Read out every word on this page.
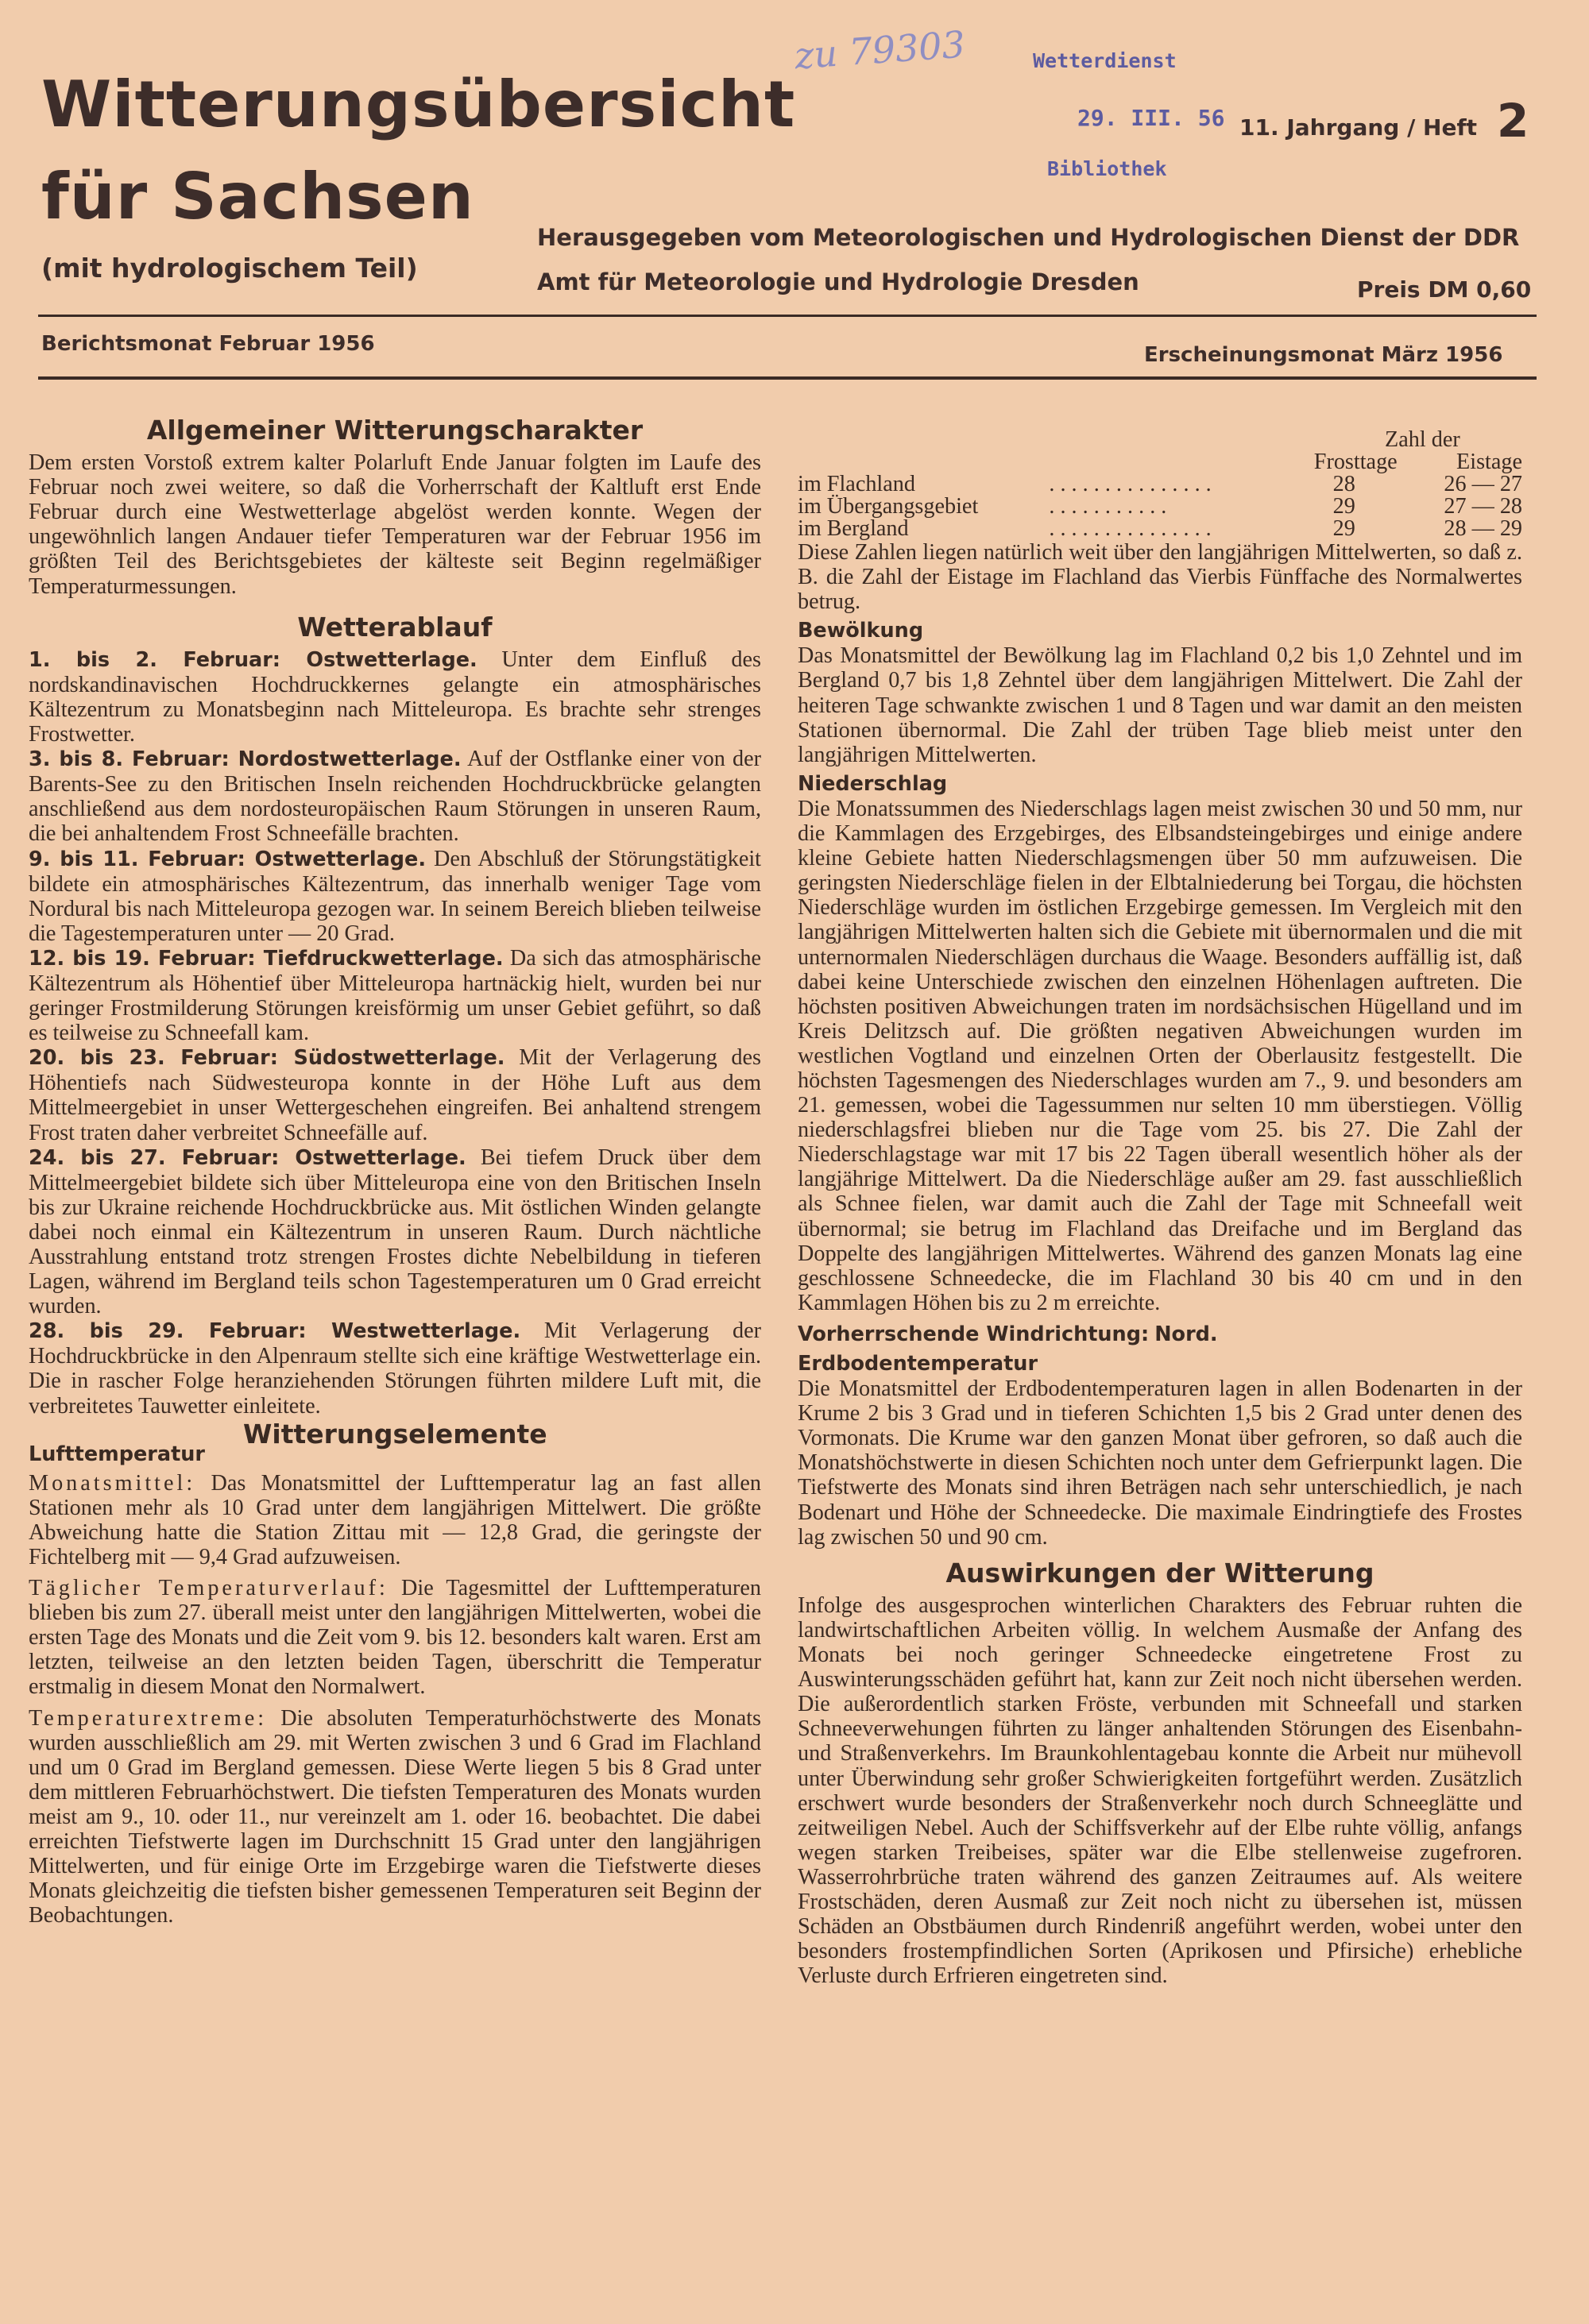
Witterungsübersicht
für Sachsen
(mit hydrologischem Teil)
zu 79303	Wetterdienst
29. III. 56
Bibliothek
11. Jahrgang / Heft 2
Herausgegeben vom Meteorologischen und Hydrologischen Dienst der DDR
Amt für Meteorologie und Hydrologie Dresden	Preis DM 0,60
Berichtsmonat Februar 1956	Erscheinungsmonat März 1956
Allgemeiner Witterungscharakter

Dem ersten Vorstoß extrem kalter Polarluft Ende Januar folgten im Laufe des Februar noch zwei weitere, so daß die Vorherrschaft der Kaltluft erst Ende Februar durch eine Westwetterlage abgelöst werden konnte. Wegen der ungewöhnlich langen Andauer tiefer Temperaturen war der Februar 1956 im größten Teil des Berichtsgebietes der kälteste seit Beginn regelmäßiger Temperaturmessungen.

Wetterablauf

1. bis 2. Februar: Ostwetterlage. Unter dem Einfluß des nordskandinavischen Hochdruckkernes gelangte ein atmosphärisches Kältezentrum zu Monatsbeginn nach Mitteleuropa. Es brachte sehr strenges Frostwetter.

3. bis 8. Februar: Nordostwetterlage. Auf der Ostflanke einer von der Barents-See zu den Britischen Inseln reichenden Hochdruckbrücke gelangten anschließend aus dem nordosteuropäischen Raum Störungen in unseren Raum, die bei anhaltendem Frost Schneefälle brachten.

9. bis 11. Februar: Ostwetterlage. Den Abschluß der Störungstätigkeit bildete ein atmosphärisches Kältezentrum, das innerhalb weniger Tage vom Nordural bis nach Mitteleuropa gezogen war. In seinem Bereich blieben teilweise die Tagestemperaturen unter — 20 Grad.

12. bis 19. Februar: Tiefdruckwetterlage. Da sich das atmosphärische Kältezentrum als Höhentief über Mitteleuropa hartnäckig hielt, wurden bei nur geringer Frostmilderung Störungen kreisförmig um unser Gebiet geführt, so daß es teilweise zu Schneefall kam.

20. bis 23. Februar: Südostwetterlage. Mit der Verlagerung des Höhentiefs nach Südwesteuropa konnte in der Höhe Luft aus dem Mittelmeergebiet in unser Wettergeschehen eingreifen. Bei anhaltend strengem Frost traten daher verbreitet Schneefälle auf.

24. bis 27. Februar: Ostwetterlage. Bei tiefem Druck über dem Mittelmeergebiet bildete sich über Mitteleuropa eine von den Britischen Inseln bis zur Ukraine reichende Hochdruckbrücke aus. Mit östlichen Winden gelangte dabei noch einmal ein Kältezentrum in unseren Raum. Durch nächtliche Ausstrahlung entstand trotz strengen Frostes dichte Nebelbildung in tieferen Lagen, während im Bergland teils schon Tagestemperaturen um 0 Grad erreicht wurden.

28. bis 29. Februar: Westwetterlage. Mit Verlagerung der Hochdruckbrücke in den Alpenraum stellte sich eine kräftige Westwetterlage ein. Die in rascher Folge heranziehenden Störungen führten mildere Luft mit, die verbreitetes Tauwetter einleitete.

Lufttemperatur
Witterungselemente

Monatsmittel: Das Monatsmittel der Lufttemperatur lag an fast allen Stationen mehr als 10 Grad unter dem langjährigen Mittelwert. Die größte Abweichung hatte die Station Zittau mit — 12,8 Grad, die geringste der Fichtelberg mit — 9,4 Grad aufzuweisen.

Täglicher Temperaturverlauf: Die Tagesmittel der Lufttemperaturen blieben bis zum 27. überall meist unter den langjährigen Mittelwerten, wobei die ersten Tage des Monats und die Zeit vom 9. bis 12. besonders kalt waren. Erst am letzten, teilweise an den letzten beiden Tagen, überschritt die Temperatur erstmalig in diesem Monat den Normalwert.

Temperaturextreme: Die absoluten Temperaturhöchstwerte des Monats wurden ausschließlich am 29. mit Werten zwischen 3 und 6 Grad im Flachland und um 0 Grad im Bergland gemessen. Diese Werte liegen 5 bis 8 Grad unter dem mittleren Februarhöchstwert. Die tiefsten Temperaturen des Monats wurden meist am 9., 10. oder 11., nur vereinzelt am 1. oder 16. beobachtet. Die dabei erreichten Tiefstwerte lagen im Durchschnitt 15 Grad unter den langjährigen Mittelwerten, und für einige Orte im Erzgebirge waren die Tiefstwerte dieses Monats gleichzeitig die tiefsten bisher gemessenen Temperaturen seit Beginn der Beobachtungen.

		Zahl der	
		Frosttage	Eistage
im Flachland	. . . . . . . . . . . . . . .	28	26 — 27
im Übergangsgebiet	. . . . . . . . . . .	29	27 — 28
im Bergland	. . . . . . . . . . . . . . .	29	28 — 29

Diese Zahlen liegen natürlich weit über den langjährigen Mittelwerten, so daß z. B. die Zahl der Eistage im Flachland das Vierbis Fünffache des Normalwertes betrug.

Bewölkung

Das Monatsmittel der Bewölkung lag im Flachland 0,2 bis 1,0 Zehntel und im Bergland 0,7 bis 1,8 Zehntel über dem langjährigen Mittelwert. Die Zahl der heiteren Tage schwankte zwischen 1 und 8 Tagen und war damit an den meisten Stationen übernormal. Die Zahl der trüben Tage blieb meist unter den langjährigen Mittelwerten.

Niederschlag

Die Monatssummen des Niederschlags lagen meist zwischen 30 und 50 mm, nur die Kammlagen des Erzgebirges, des Elbsandsteingebirges und einige andere kleine Gebiete hatten Niederschlagsmengen über 50 mm aufzuweisen. Die geringsten Niederschläge fielen in der Elbtalniederung bei Torgau, die höchsten Niederschläge wurden im östlichen Erzgebirge gemessen. Im Vergleich mit den langjährigen Mittelwerten halten sich die Gebiete mit übernormalen und die mit unternormalen Niederschlägen durchaus die Waage. Besonders auffällig ist, daß dabei keine Unterschiede zwischen den einzelnen Höhenlagen auftreten. Die höchsten positiven Abweichungen traten im nordsächsischen Hügelland und im Kreis Delitzsch auf. Die größten negativen Abweichungen wurden im westlichen Vogtland und einzelnen Orten der Oberlausitz festgestellt. Die höchsten Tagesmengen des Niederschlages wurden am 7., 9. und besonders am 21. gemessen, wobei die Tagessummen nur selten 10 mm überstiegen. Völlig niederschlagsfrei blieben nur die Tage vom 25. bis 27. Die Zahl der Niederschlagstage war mit 17 bis 22 Tagen überall wesentlich höher als der langjährige Mittelwert. Da die Niederschläge außer am 29. fast ausschließlich als Schnee fielen, war damit auch die Zahl der Tage mit Schneefall weit übernormal; sie betrug im Flachland das Dreifache und im Bergland das Doppelte des langjährigen Mittelwertes. Während des ganzen Monats lag eine geschlossene Schneedecke, die im Flachland 30 bis 40 cm und in den Kammlagen Höhen bis zu 2 m erreichte.

Vorherrschende Windrichtung: Nord.

Erdbodentemperatur

Die Monatsmittel der Erdbodentemperaturen lagen in allen Bodenarten in der Krume 2 bis 3 Grad und in tieferen Schichten 1,5 bis 2 Grad unter denen des Vormonats. Die Krume war den ganzen Monat über gefroren, so daß auch die Monatshöchstwerte in diesen Schichten noch unter dem Gefrierpunkt lagen. Die Tiefstwerte des Monats sind ihren Beträgen nach sehr unterschiedlich, je nach Bodenart und Höhe der Schneedecke. Die maximale Eindringtiefe des Frostes lag zwischen 50 und 90 cm.

Auswirkungen der Witterung

Infolge des ausgesprochen winterlichen Charakters des Februar ruhten die landwirtschaftlichen Arbeiten völlig. In welchem Ausmaße der Anfang des Monats bei noch geringer Schneedecke eingetretene Frost zu Auswinterungsschäden geführt hat, kann zur Zeit noch nicht übersehen werden. Die außerordentlich starken Fröste, verbunden mit Schneefall und starken Schneeverwehungen führten zu länger anhaltenden Störungen des Eisenbahn- und Straßenverkehrs. Im Braunkohlentagebau konnte die Arbeit nur mühevoll unter Überwindung sehr großer Schwierigkeiten fortgeführt werden. Zusätzlich erschwert wurde besonders der Straßenverkehr noch durch Schneeglätte und zeitweiligen Nebel. Auch der Schiffsverkehr auf der Elbe ruhte völlig, anfangs wegen starken Treibeises, später war die Elbe stellenweise zugefroren. Wasserrohrbrüche traten während des ganzen Zeitraumes auf. Als weitere Frostschäden, deren Ausmaß zur Zeit noch nicht zu übersehen ist, müssen Schäden an Obstbäumen durch Rindenriß angeführt werden, wobei unter den besonders frostempfindlichen Sorten (Aprikosen und Pfirsiche) erhebliche Verluste durch Erfrieren eingetreten sind.
